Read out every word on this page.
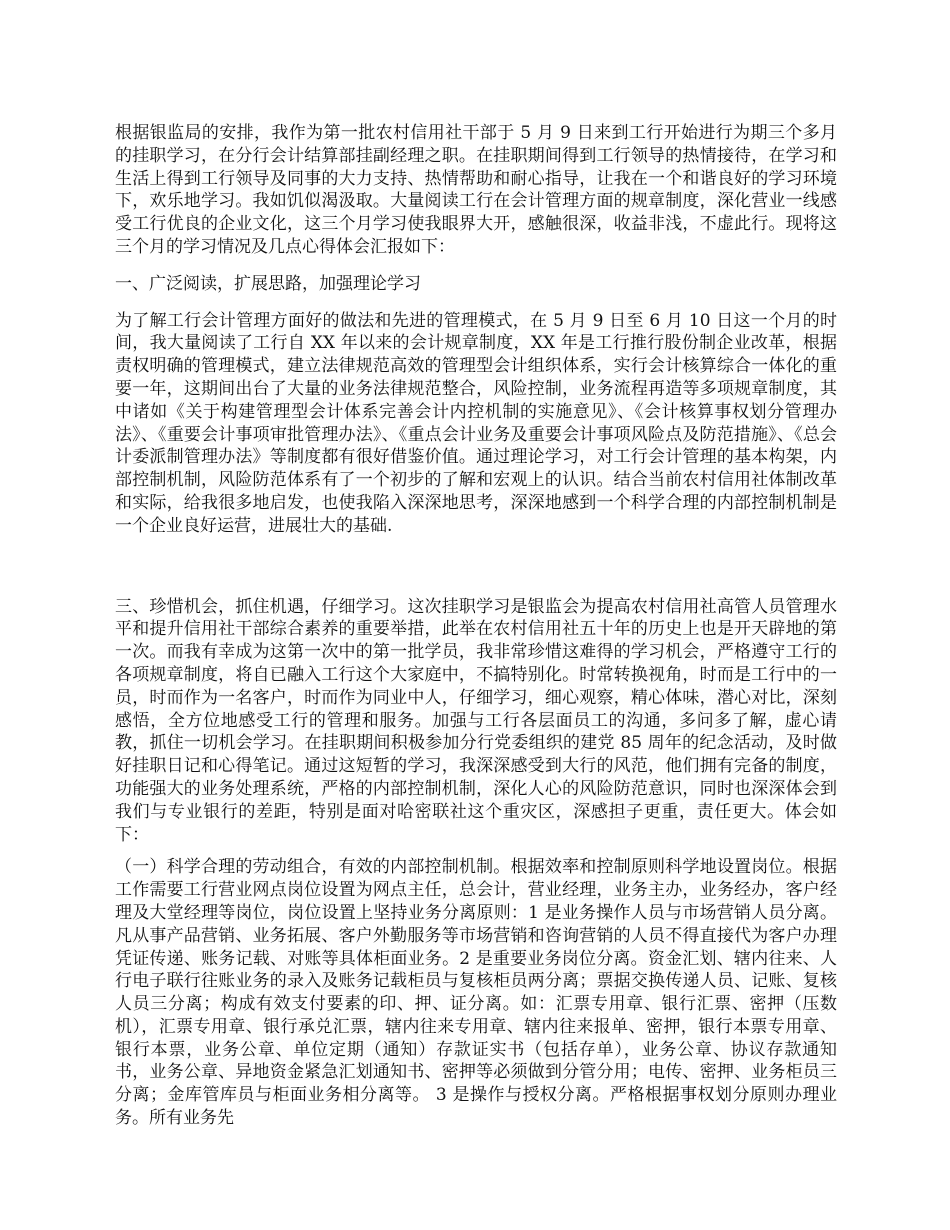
根据银监局的安排，我作为第一批农村信用社干部于 5 月 9 日来到工行开始进行为期三个多月的挂职学习，在分行会计结算部挂副经理之职。在挂职期间得到工行领导的热情接待，在学习和生活上得到工行领导及同事的大力支持、热情帮助和耐心指导，让我在一个和谐良好的学习环境下，欢乐地学习。我如饥似渴汲取。大量阅读工行在会计管理方面的规章制度，深化营业一线感受工行优良的企业文化，这三个月学习使我眼界大开，感触很深，收益非浅，不虚此行。现将这三个月的学习情况及几点心得体会汇报如下：

一、广泛阅读，扩展思路，加强理论学习

为了解工行会计管理方面好的做法和先进的管理模式，在 5 月 9 日至 6 月 10 日这一个月的时间，我大量阅读了工行自 XX 年以来的会计规章制度，XX 年是工行推行股份制企业改革，根据责权明确的管理模式，建立法律规范高效的管理型会计组织体系，实行会计核算综合一体化的重要一年，这期间出台了大量的业务法律规范整合，风险控制，业务流程再造等多项规章制度，其中诸如《关于构建管理型会计体系完善会计内控机制的实施意见》、《会计核算事权划分管理办法》、《重要会计事项审批管理办法》、《重点会计业务及重要会计事项风险点及防范措施》、《总会计委派制管理办法》等制度都有很好借鉴价值。通过理论学习，对工行会计管理的基本构架，内部控制机制，风险防范体系有了一个初步的了解和宏观上的认识。结合当前农村信用社体制改革和实际，给我很多地启发，也使我陷入深深地思考，深深地感到一个科学合理的内部控制机制是一个企业良好运营，进展壮大的基础.

三、珍惜机会，抓住机遇，仔细学习。这次挂职学习是银监会为提高农村信用社高管人员管理水平和提升信用社干部综合素养的重要举措，此举在农村信用社五十年的历史上也是开天辟地的第一次。而我有幸成为这第一次中的第一批学员，我非常珍惜这难得的学习机会，严格遵守工行的各项规章制度，将自已融入工行这个大家庭中，不搞特别化。时常转换视角，时而是工行中的一员，时而作为一名客户，时而作为同业中人，仔细学习，细心观察，精心体味，潜心对比，深刻感悟，全方位地感受工行的管理和服务。加强与工行各层面员工的沟通，多问多了解，虚心请教，抓住一切机会学习。在挂职期间积极参加分行党委组织的建党 85 周年的纪念活动，及时做好挂职日记和心得笔记。通过这短暂的学习，我深深感受到大行的风范，他们拥有完备的制度，功能强大的业务处理系统，严格的内部控制机制，深化人心的风险防范意识，同时也深深体会到我们与专业银行的差距，特别是面对哈密联社这个重灾区，深感担子更重，责任更大。体会如下：

（一）科学合理的劳动组合，有效的内部控制机制。根据效率和控制原则科学地设置岗位。根据工作需要工行营业网点岗位设置为网点主任，总会计，营业经理，业务主办，业务经办，客户经理及大堂经理等岗位，岗位设置上坚持业务分离原则：1 是业务操作人员与市场营销人员分离。凡从事产品营销、业务拓展、客户外勤服务等市场营销和咨询营销的人员不得直接代为客户办理凭证传递、账务记载、对账等具体柜面业务。2 是重要业务岗位分离。资金汇划、辖内往来、人行电子联行往账业务的录入及账务记载柜员与复核柜员两分离；票据交换传递人员、记账、复核人员三分离；构成有效支付要素的印、押、证分离。如：汇票专用章、银行汇票、密押（压数机），汇票专用章、银行承兑汇票，辖内往来专用章、辖内往来报单、密押，银行本票专用章、银行本票，业务公章、单位定期（通知）存款证实书（包括存单），业务公章、协议存款通知书，业务公章、异地资金紧急汇划通知书、密押等必须做到分管分用；电传、密押、业务柜员三分离；金库管库员与柜面业务相分离等。 3 是操作与授权分离。严格根据事权划分原则办理业务。所有业务先
